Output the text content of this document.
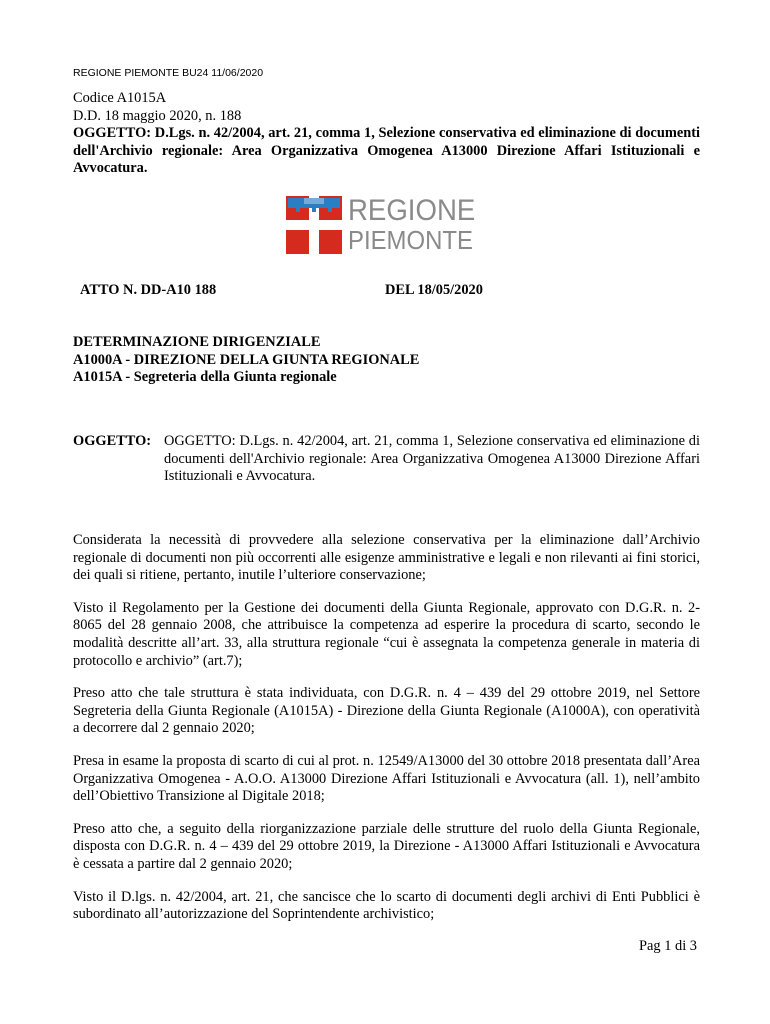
REGIONE PIEMONTE BU24 11/06/2020
Codice A1015A
D.D. 18 maggio 2020, n. 188
OGGETTO: D.Lgs. n. 42/2004, art. 21, comma 1, Selezione conservativa ed eliminazione di documenti dell'Archivio regionale: Area Organizzativa Omogenea A13000 Direzione Affari Istituzionali e Avvocatura.
REGIONE
PIEMONTE
ATTO N. DD-A10 188	DEL 18/05/2020
DETERMINAZIONE DIRIGENZIALE
A1000A - DIREZIONE DELLA GIUNTA REGIONALE
A1015A - Segreteria della Giunta regionale
OGGETTO: OGGETTO: D.Lgs. n. 42/2004, art. 21, comma 1, Selezione conservativa ed eliminazione di documenti dell'Archivio regionale: Area Organizzativa Omogenea A13000 Direzione Affari Istituzionali e Avvocatura.

Considerata la necessità di provvedere alla selezione conservativa per la eliminazione dall’Archivio regionale di documenti non più occorrenti alle esigenze amministrative e legali e non rilevanti ai fini storici, dei quali si ritiene, pertanto, inutile l’ulteriore conservazione;

Visto il Regolamento per la Gestione dei documenti della Giunta Regionale, approvato con D.G.R. n. 2-8065 del 28 gennaio 2008, che attribuisce la competenza ad esperire la procedura di scarto, secondo le modalità descritte all’art. 33, alla struttura regionale “cui è assegnata la competenza generale in materia di protocollo e archivio” (art.7);

Preso atto che tale struttura è stata individuata, con D.G.R. n. 4 – 439 del 29 ottobre 2019, nel Settore Segreteria della Giunta Regionale (A1015A) - Direzione della Giunta Regionale (A1000A), con operatività a decorrere dal 2 gennaio 2020;

Presa in esame la proposta di scarto di cui al prot. n. 12549/A13000 del 30 ottobre 2018 presentata dall’Area Organizzativa Omogenea - A.O.O. A13000 Direzione Affari Istituzionali e Avvocatura (all. 1), nell’ambito dell’Obiettivo Transizione al Digitale 2018;

Preso atto che, a seguito della riorganizzazione parziale delle strutture del ruolo della Giunta Regionale, disposta con D.G.R. n. 4 – 439 del 29 ottobre 2019, la Direzione - A13000 Affari Istituzionali e Avvocatura è cessata a partire dal 2 gennaio 2020;

Visto il D.lgs. n. 42/2004, art. 21, che sancisce che lo scarto di documenti degli archivi di Enti Pubblici è subordinato all’autorizzazione del Soprintendente archivistico;

Pag 1 di 3
